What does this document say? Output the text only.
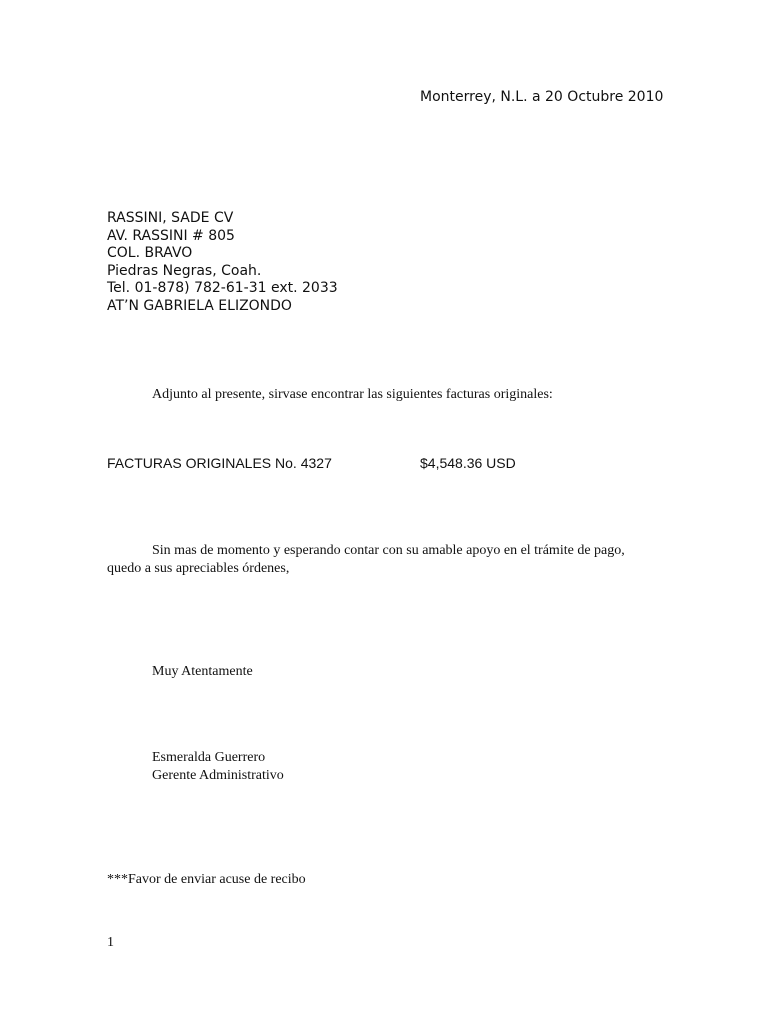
Monterrey, N.L. a 20 Octubre 2010

RASSINI, SADE CV
AV. RASSINI # 805
COL. BRAVO
Piedras Negras, Coah.
Tel. 01-878) 782-61-31 ext. 2033
AT’N GABRIELA ELIZONDO

Adjunto al presente, sirvase encontrar las siguientes facturas originales:

FACTURAS ORIGINALES No. 4327	$4,548.36 USD

Sin mas de momento y esperando contar con su amable apoyo en el trámite de pago,

quedo a sus apreciables órdenes,

Muy Atentamente

Esmeralda Guerrero

Gerente Administrativo

***Favor de enviar acuse de recibo

1
